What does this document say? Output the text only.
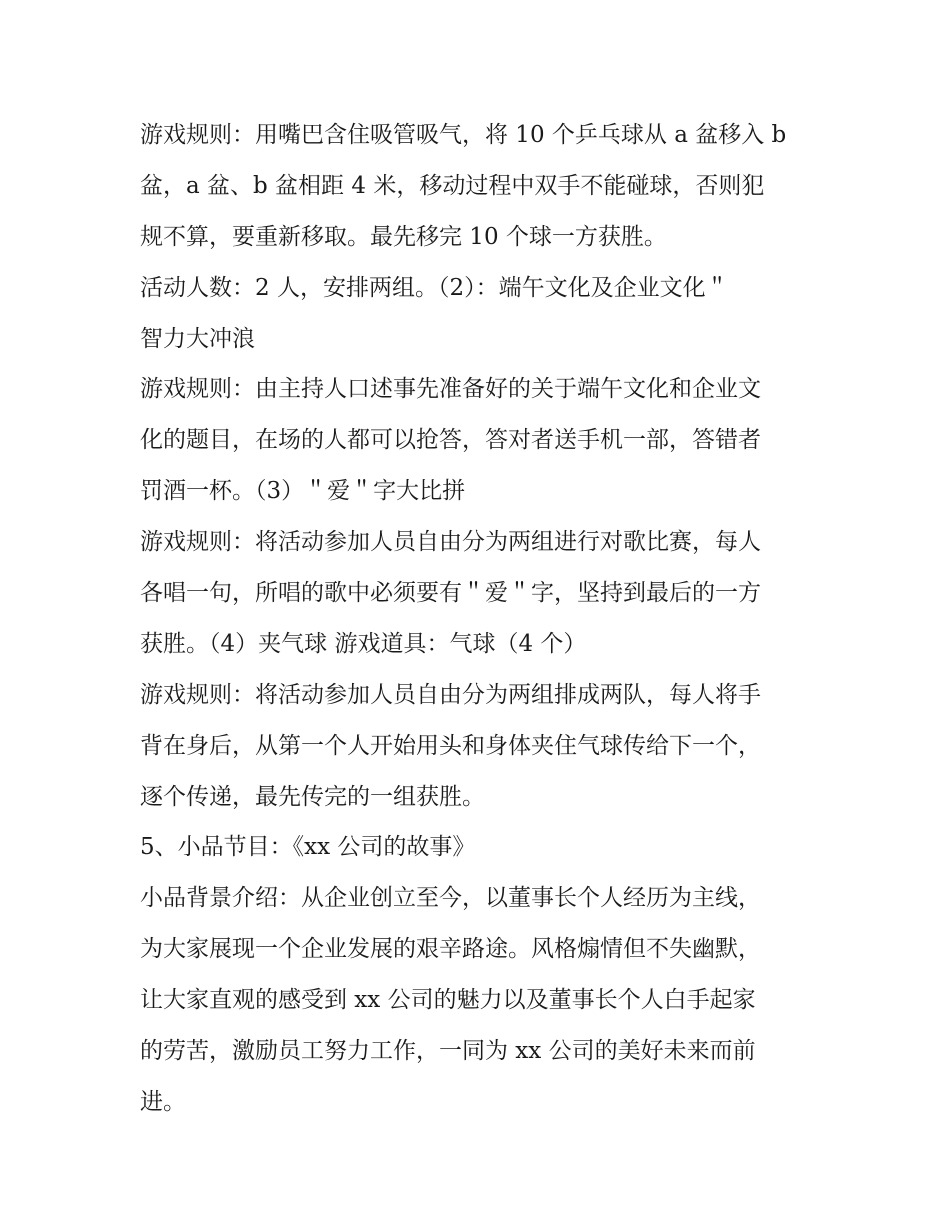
游戏规则：用嘴巴含住吸管吸气，将 10 个乒乓球从 a 盆移入 b
盆，a 盆、b 盆相距 4 米，移动过程中双手不能碰球，否则犯
规不算，要重新移取。最先移完 10 个球一方获胜。
活动人数：2 人，安排两组。（2）：端午文化及企业文化＂
智力大冲浪
游戏规则：由主持人口述事先准备好的关于端午文化和企业文
化的题目，在场的人都可以抢答，答对者送手机一部，答错者
罚酒一杯。（3）＂爱＂字大比拼
游戏规则：将活动参加人员自由分为两组进行对歌比赛，每人
各唱一句，所唱的歌中必须要有＂爱＂字，坚持到最后的一方
获胜。（4）夹气球 游戏道具：气球（4 个）
游戏规则：将活动参加人员自由分为两组排成两队，每人将手
背在身后，从第一个人开始用头和身体夹住气球传给下一个，
逐个传递，最先传完的一组获胜。
5、小品节目：《xx 公司的故事》
小品背景介绍：从企业创立至今，以董事长个人经历为主线，
为大家展现一个企业发展的艰辛路途。风格煽情但不失幽默，
让大家直观的感受到 xx 公司的魅力以及董事长个人白手起家
的劳苦，激励员工努力工作，一同为 xx 公司的美好未来而前
进。
